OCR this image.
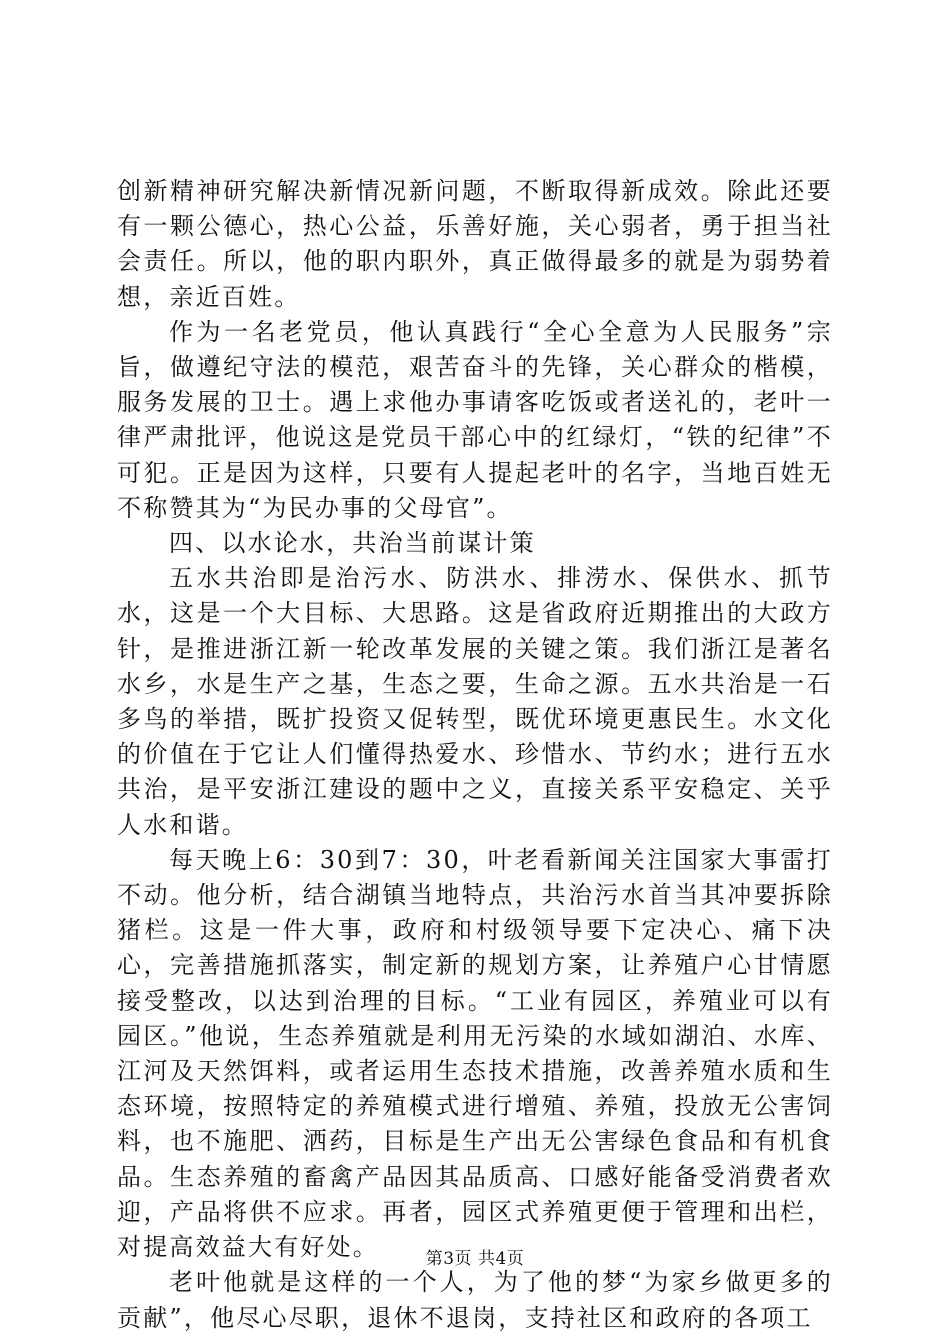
创新精神研究解决新情况新问题，不断取得新成效。除此还要有一颗公德心，热心公益，乐善好施，关心弱者，勇于担当社会责任。所以，他的职内职外，真正做得最多的就是为弱势着想，亲近百姓。

作为一名老党员，他认真践行“全心全意为人民服务”宗旨，做遵纪守法的模范，艰苦奋斗的先锋，关心群众的楷模，服务发展的卫士。遇上求他办事请客吃饭或者送礼的，老叶一律严肃批评，他说这是党员干部心中的红绿灯，“铁的纪律”不可犯。正是因为这样，只要有人提起老叶的名字，当地百姓无不称赞其为“为民办事的父母官”。

四、以水论水，共治当前谋计策

五水共治即是治污水、防洪水、排涝水、保供水、抓节水，这是一个大目标、大思路。这是省政府近期推出的大政方针，是推进浙江新一轮改革发展的关键之策。我们浙江是著名水乡，水是生产之基，生态之要，生命之源。五水共治是一石多鸟的举措，既扩投资又促转型，既优环境更惠民生。水文化的价值在于它让人们懂得热爱水、珍惜水、节约水；进行五水共治，是平安浙江建设的题中之义，直接关系平安稳定、关乎人水和谐。

每天晚上6：30到7：30，叶老看新闻关注国家大事雷打不动。他分析，结合湖镇当地特点，共治污水首当其冲要拆除猪栏。这是一件大事，政府和村级领导要下定决心、痛下决心，完善措施抓落实，制定新的规划方案，让养殖户心甘情愿接受整改，以达到治理的目标。“工业有园区，养殖业可以有园区。”他说，生态养殖就是利用无污染的水域如湖泊、水库、江河及天然饵料，或者运用生态技术措施，改善养殖水质和生态环境，按照特定的养殖模式进行增殖、养殖，投放无公害饲料，也不施肥、洒药，目标是生产出无公害绿色食品和有机食品。生态养殖的畜禽产品因其品质高、口感好能备受消费者欢迎，产品将供不应求。再者，园区式养殖更便于管理和出栏，对提高效益大有好处。

老叶他就是这样的一个人，为了他的梦“为家乡做更多的贡献”，他尽心尽职，退休不退岗，支持社区和政府的各项工

第3页 共4页
